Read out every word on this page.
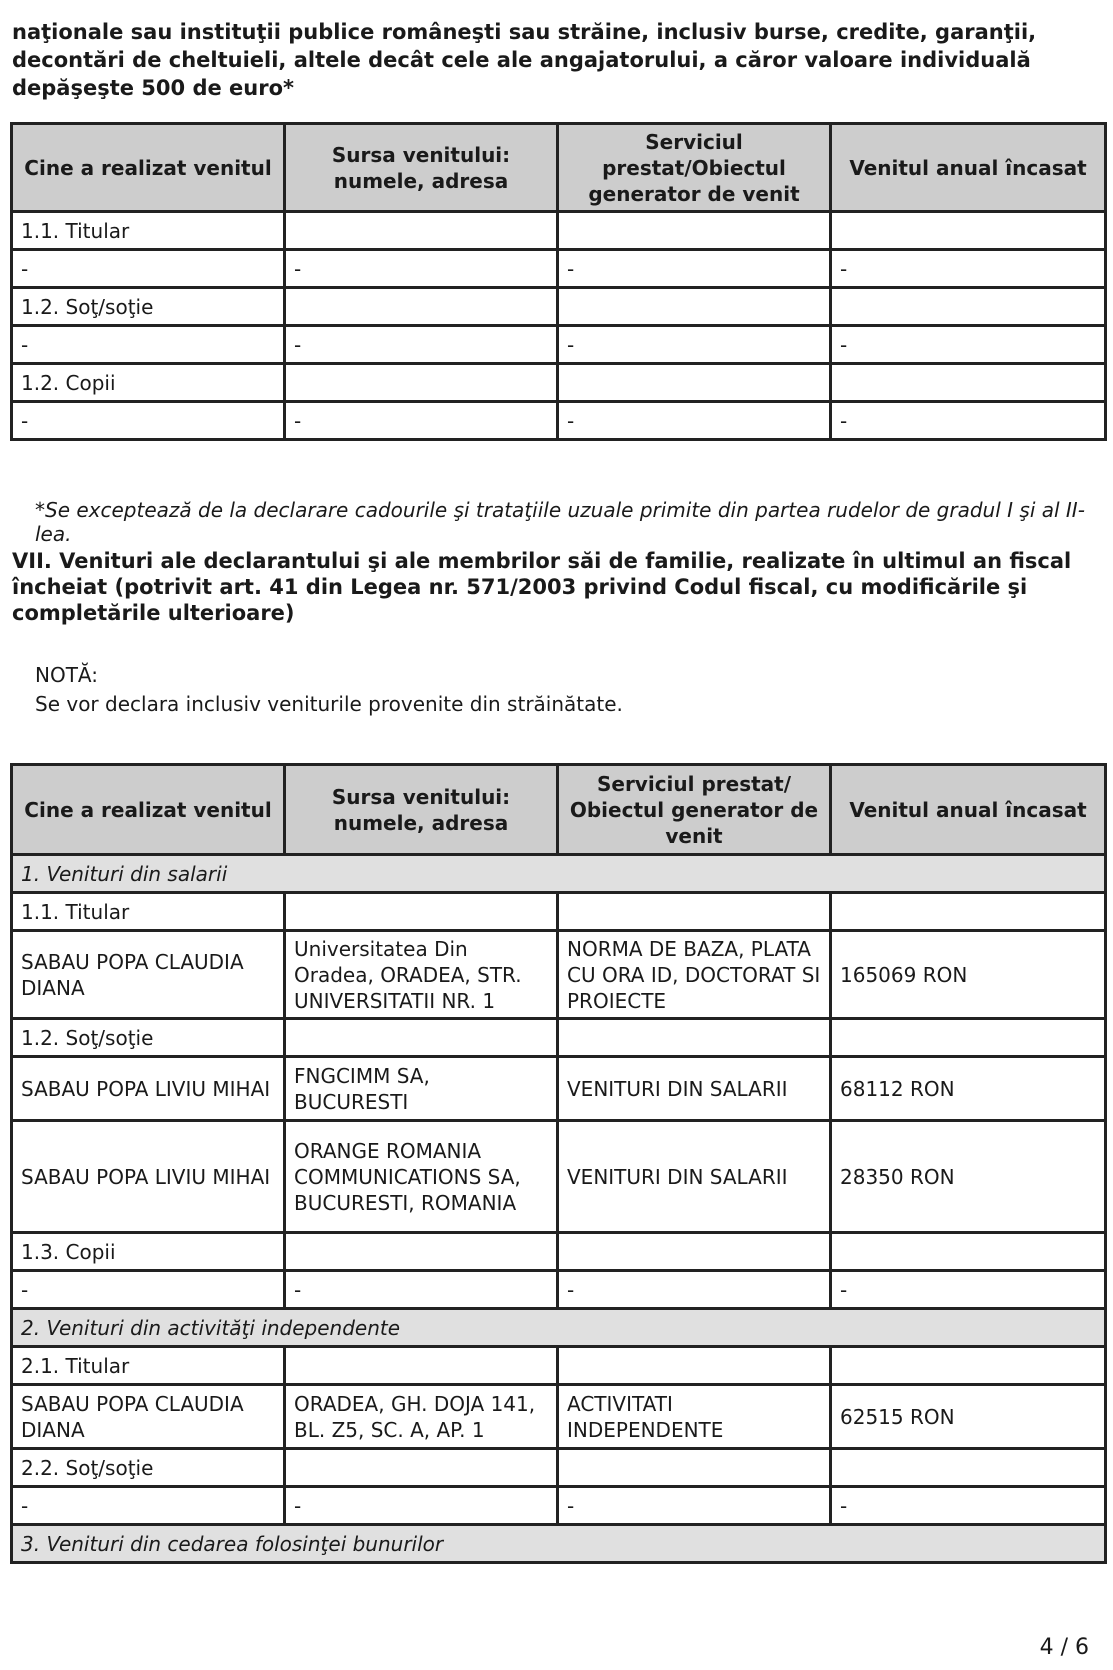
naţionale sau instituţii publice româneşti sau străine, inclusiv burse, credite, garanţii, decontări de cheltuieli, altele decât cele ale angajatorului, a căror valoare individuală depăşeşte 500 de euro*
Cine a realizat venitul	Sursa venitului: numele, adresa	Serviciul prestat/Obiectul generator de venit	Venitul anual încasat
1.1. Titular			
-	-	-	-
1.2. Soţ/soţie			
-	-	-	-
1.2. Copii			
-	-	-	-
*Se exceptează de la declarare cadourile şi trataţiile uzuale primite din partea rudelor de gradul I şi al II-lea.
VII. Venituri ale declarantului şi ale membrilor săi de familie, realizate în ultimul an fiscal încheiat (potrivit art. 41 din Legea nr. 571/2003 privind Codul fiscal, cu modificările şi completările ulterioare)
NOTĂ:
Se vor declara inclusiv veniturile provenite din străinătate.
Cine a realizat venitul	Sursa venitului: numele, adresa	Serviciul prestat/ Obiectul generator de venit	Venitul anual încasat
1. Venituri din salarii			
1.1. Titular			
SABAU POPA CLAUDIA DIANA	Universitatea Din Oradea, ORADEA, STR. UNIVERSITATII NR. 1	NORMA DE BAZA, PLATA CU ORA ID, DOCTORAT SI PROIECTE	165069 RON
1.2. Soţ/soţie			
SABAU POPA LIVIU MIHAI	FNGCIMM SA, BUCURESTI	VENITURI DIN SALARII	68112 RON
SABAU POPA LIVIU MIHAI	ORANGE ROMANIA COMMUNICATIONS SA, BUCURESTI, ROMANIA	VENITURI DIN SALARII	28350 RON
1.3. Copii			
-	-	-	-
2. Venituri din activităţi independente			
2.1. Titular			
SABAU POPA CLAUDIA DIANA	ORADEA, GH. DOJA 141, BL. Z5, SC. A, AP. 1	ACTIVITATI INDEPENDENTE	62515 RON
2.2. Soţ/soţie			
-	-	-	-
3. Venituri din cedarea folosinţei bunurilor			
4 / 6
